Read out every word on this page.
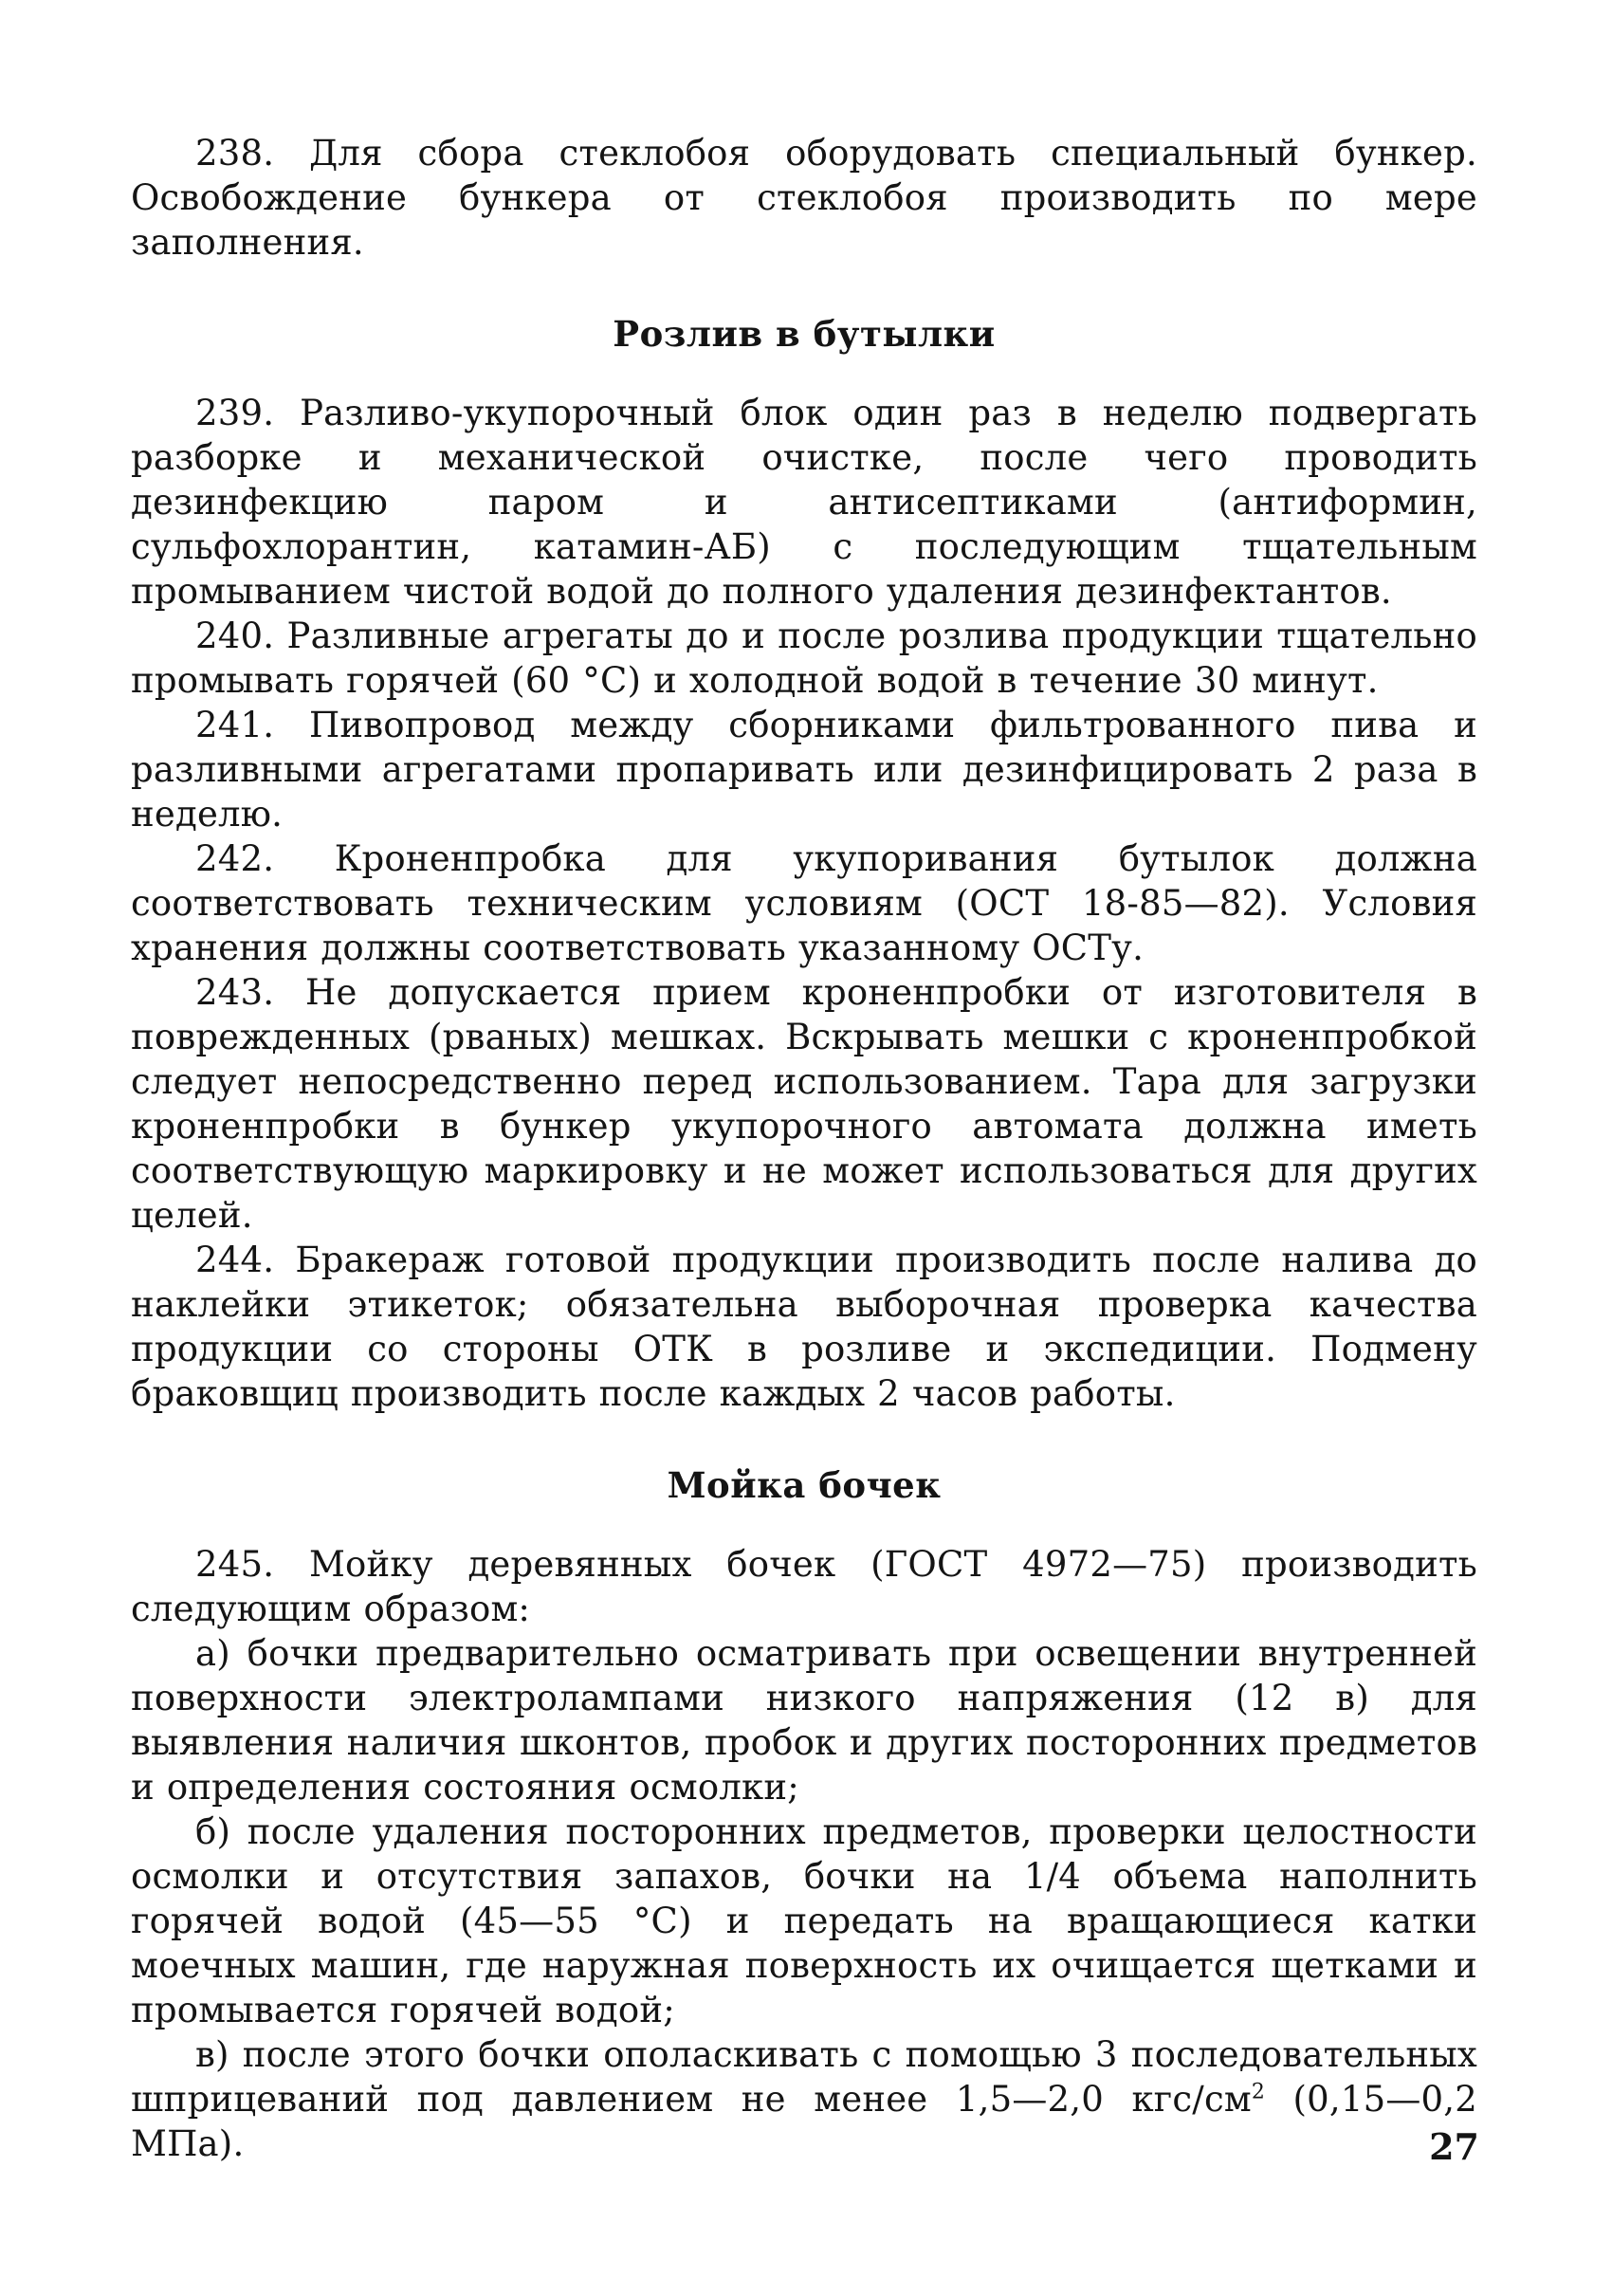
238. Для сбора стеклобоя оборудовать специальный бункер. Освобождение бункера от стеклобоя производить по мере заполнения.

Розлив в бутылки

239. Разливо-укупорочный блок один раз в неделю подвергать разборке и механической очистке, после чего проводить дезинфекцию паром и антисептиками (антиформин, сульфохлорантин, катамин-АБ) с последующим тщательным промыванием чистой водой до полного удаления дезинфектантов.

240. Разливные агрегаты до и после розлива продукции тщательно промывать горячей (60 °С) и холодной водой в течение 30 минут.

241. Пивопровод между сборниками фильтрованного пива и разливными агрегатами пропаривать или дезинфицировать 2 раза в неделю.

242. Кроненпробка для укупоривания бутылок должна соответствовать техническим условиям (ОСТ 18-85—82). Условия хранения должны соответствовать указанному ОСТу.

243. Не допускается прием кроненпробки от изготовителя в поврежденных (рваных) мешках. Вскрывать мешки с кроненпробкой следует непосредственно перед использованием. Тара для загрузки кроненпробки в бункер укупорочного автомата должна иметь соответствующую маркировку и не может использоваться для других целей.

244. Бракераж готовой продукции производить после налива до наклейки этикеток; обязательна выборочная проверка качества продукции со стороны ОТК в розливе и экспедиции. Подмену браковщиц производить после каждых 2 часов работы.

Мойка бочек

245. Мойку деревянных бочек (ГОСТ 4972—75) производить следующим образом:

а) бочки предварительно осматривать при освещении внутренней поверхности электролампами низкого напряжения (12 в) для выявления наличия шконтов, пробок и других посторонних предметов и определения состояния осмолки;

б) после удаления посторонних предметов, проверки целостности осмолки и отсутствия запахов, бочки на 1/4 объема наполнить горячей водой (45—55 °С) и передать на вращающиеся катки моечных машин, где наружная поверхность их очищается щетками и промывается горячей водой;

в) после этого бочки ополаскивать с помощью 3 последовательных шприцеваний под давлением не менее 1,5—2,0 кгс/$см^2$ (0,15—0,2 МПа).	27
